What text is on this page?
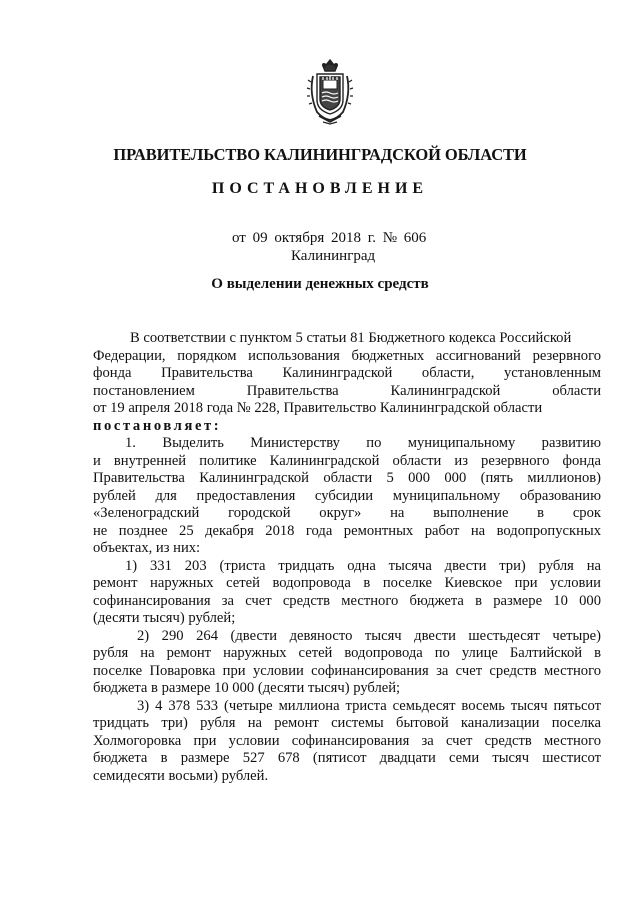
ПРАВИТЕЛЬСТВО КАЛИНИНГРАДСКОЙ ОБЛАСТИ
ПОСТАНОВЛЕНИЕ
от 09 октября 2018 г. № 606
Калининград
О выделении денежных средств
В соответствии с пунктом 5 статьи 81 Бюджетного кодекса Российской
Федерации, порядком использования бюджетных ассигнований резервного
фонда Правительства Калининградской области, установленным
постановлением Правительства Калининградской области
от 19 апреля 2018 года № 228, Правительство Калининградской области
постановляет:
1. Выделить Министерству по муниципальному развитию
и внутренней политике Калининградской области из резервного фонда
Правительства Калининградской области 5 000 000 (пять миллионов)
рублей для предоставления субсидии муниципальному образованию
«Зеленоградский городской округ» на выполнение в срок
не позднее 25 декабря 2018 года ремонтных работ на водопропускных
объектах, из них:
1) 331 203 (триста тридцать одна тысяча двести три) рубля на
ремонт наружных сетей водопровода в поселке Киевское при условии
софинансирования за счет средств местного бюджета в размере 10 000
(десяти тысяч) рублей;
2) 290 264 (двести девяносто тысяч двести шестьдесят четыре)
рубля на ремонт наружных сетей водопровода по улице Балтийской в
поселке Поваровка при условии софинансирования за счет средств местного
бюджета в размере 10 000 (десяти тысяч) рублей;
3) 4 378 533 (четыре миллиона триста семьдесят восемь тысяч пятьсот
тридцать три) рубля на ремонт системы бытовой канализации поселка
Холмогоровка при условии софинансирования за счет средств местного
бюджета в размере 527 678 (пятисот двадцати семи тысяч шестисот
семидесяти восьми) рублей.
